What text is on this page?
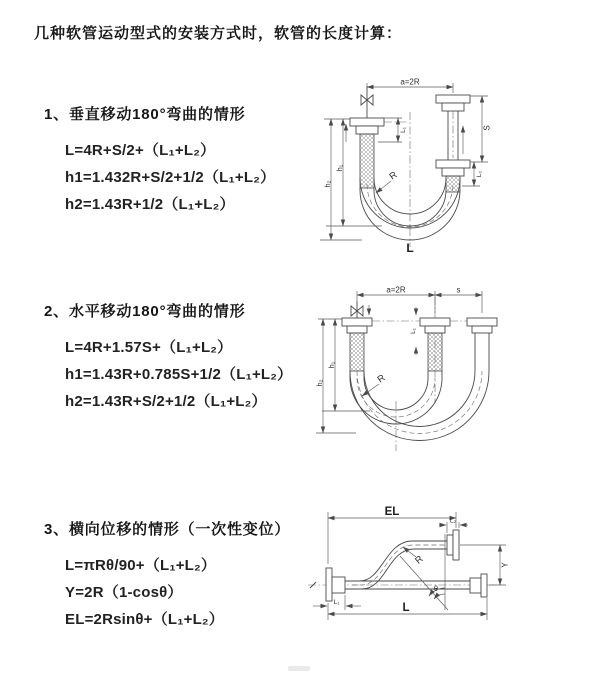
几种软管运动型式的安装方式时，软管的长度计算：
1、垂直移动180°弯曲的情形
L=4R+S/2+（L₁+L₂）
h1=1.432R+S/2+1/2（L₁+L₂）
h2=1.43R+1/2（L₁+L₂）
2、水平移动180°弯曲的情形
L=4R+1.57S+（L₁+L₂）
h1=1.43R+0.785S+1/2（L₁+L₂）
h2=1.43R+S/2+1/2（L₁+L₂）
3、横向位移的情形（一次性变位）
L=πRθ/90+（L₁+L₂）
Y=2R（1-cosθ）
EL=2Rsinθ+（L₁+L₂）
a=2R
S
L₂
L₁
h₁
h₂
R
L
L₁
a=2R	s
h₁
h₂	R
θ
EL
L₂
Y
R
L
L₁
